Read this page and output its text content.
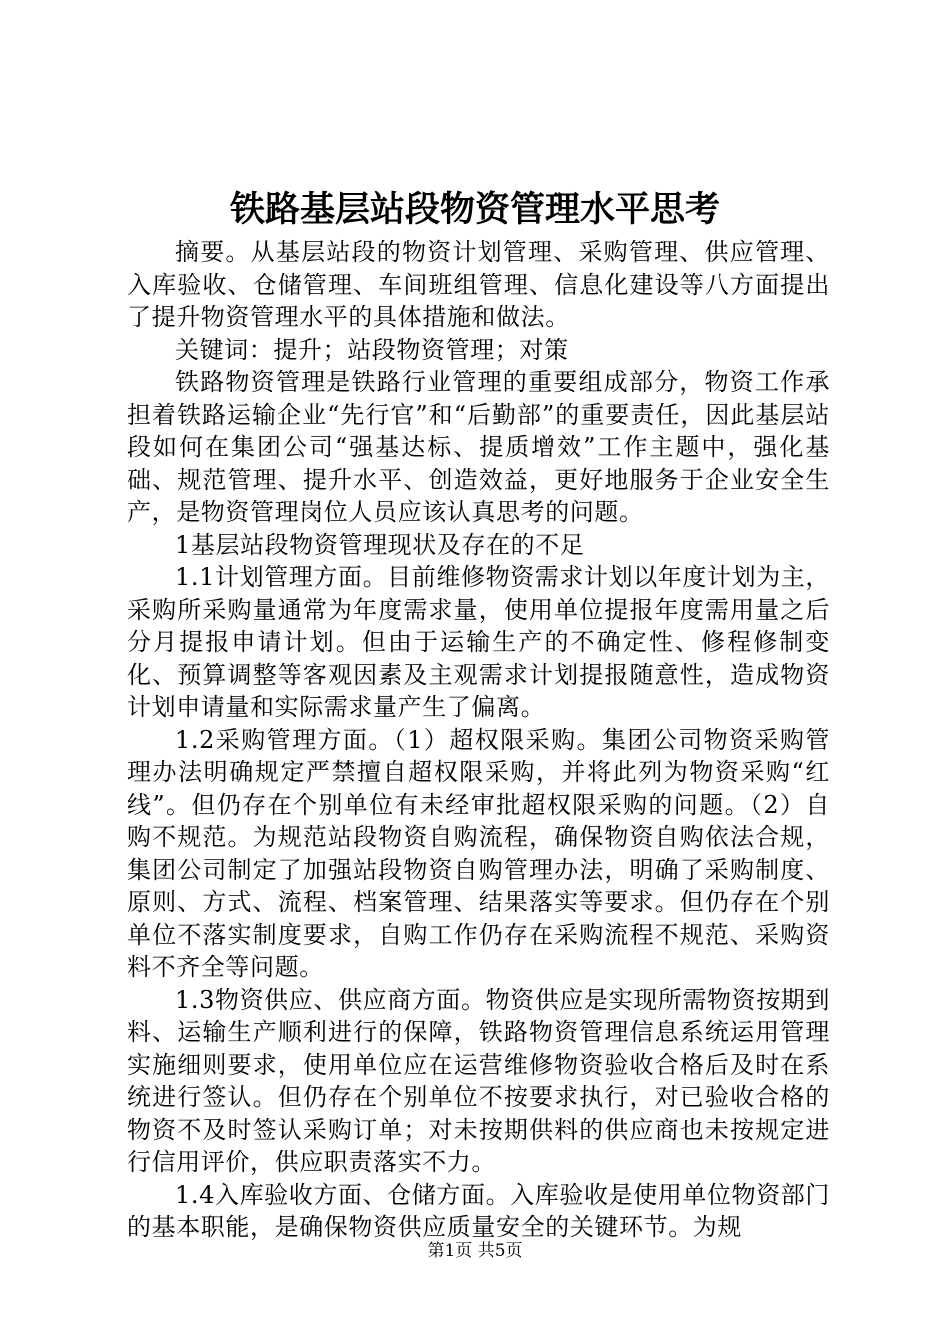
铁路基层站段物资管理水平思考

摘要。从基层站段的物资计划管理、采购管理、供应管理、入库验收、仓储管理、车间班组管理、信息化建设等八方面提出了提升物资管理水平的具体措施和做法。

关键词：提升；站段物资管理；对策

铁路物资管理是铁路行业管理的重要组成部分，物资工作承担着铁路运输企业“先行官”和“后勤部”的重要责任，因此基层站段如何在集团公司“强基达标、提质增效”工作主题中，强化基础、规范管理、提升水平、创造效益，更好地服务于企业安全生产，是物资管理岗位人员应该认真思考的问题。

1基层站段物资管理现状及存在的不足

1.1计划管理方面。目前维修物资需求计划以年度计划为主，采购所采购量通常为年度需求量，使用单位提报年度需用量之后分月提报申请计划。但由于运输生产的不确定性、修程修制变化、预算调整等客观因素及主观需求计划提报随意性，造成物资计划申请量和实际需求量产生了偏离。

1.2采购管理方面。（1）超权限采购。集团公司物资采购管理办法明确规定严禁擅自超权限采购，并将此列为物资采购“红线”。但仍存在个别单位有未经审批超权限采购的问题。（2）自购不规范。为规范站段物资自购流程，确保物资自购依法合规，集团公司制定了加强站段物资自购管理办法，明确了采购制度、原则、方式、流程、档案管理、结果落实等要求。但仍存在个别单位不落实制度要求，自购工作仍存在采购流程不规范、采购资料不齐全等问题。

1.3物资供应、供应商方面。物资供应是实现所需物资按期到料、运输生产顺利进行的保障，铁路物资管理信息系统运用管理实施细则要求，使用单位应在运营维修物资验收合格后及时在系统进行签认。但仍存在个别单位不按要求执行，对已验收合格的物资不及时签认采购订单；对未按期供料的供应商也未按规定进行信用评价，供应职责落实不力。

1.4入库验收方面、仓储方面。入库验收是使用单位物资部门的基本职能，是确保物资供应质量安全的关键环节。为规

第1页 共5页
